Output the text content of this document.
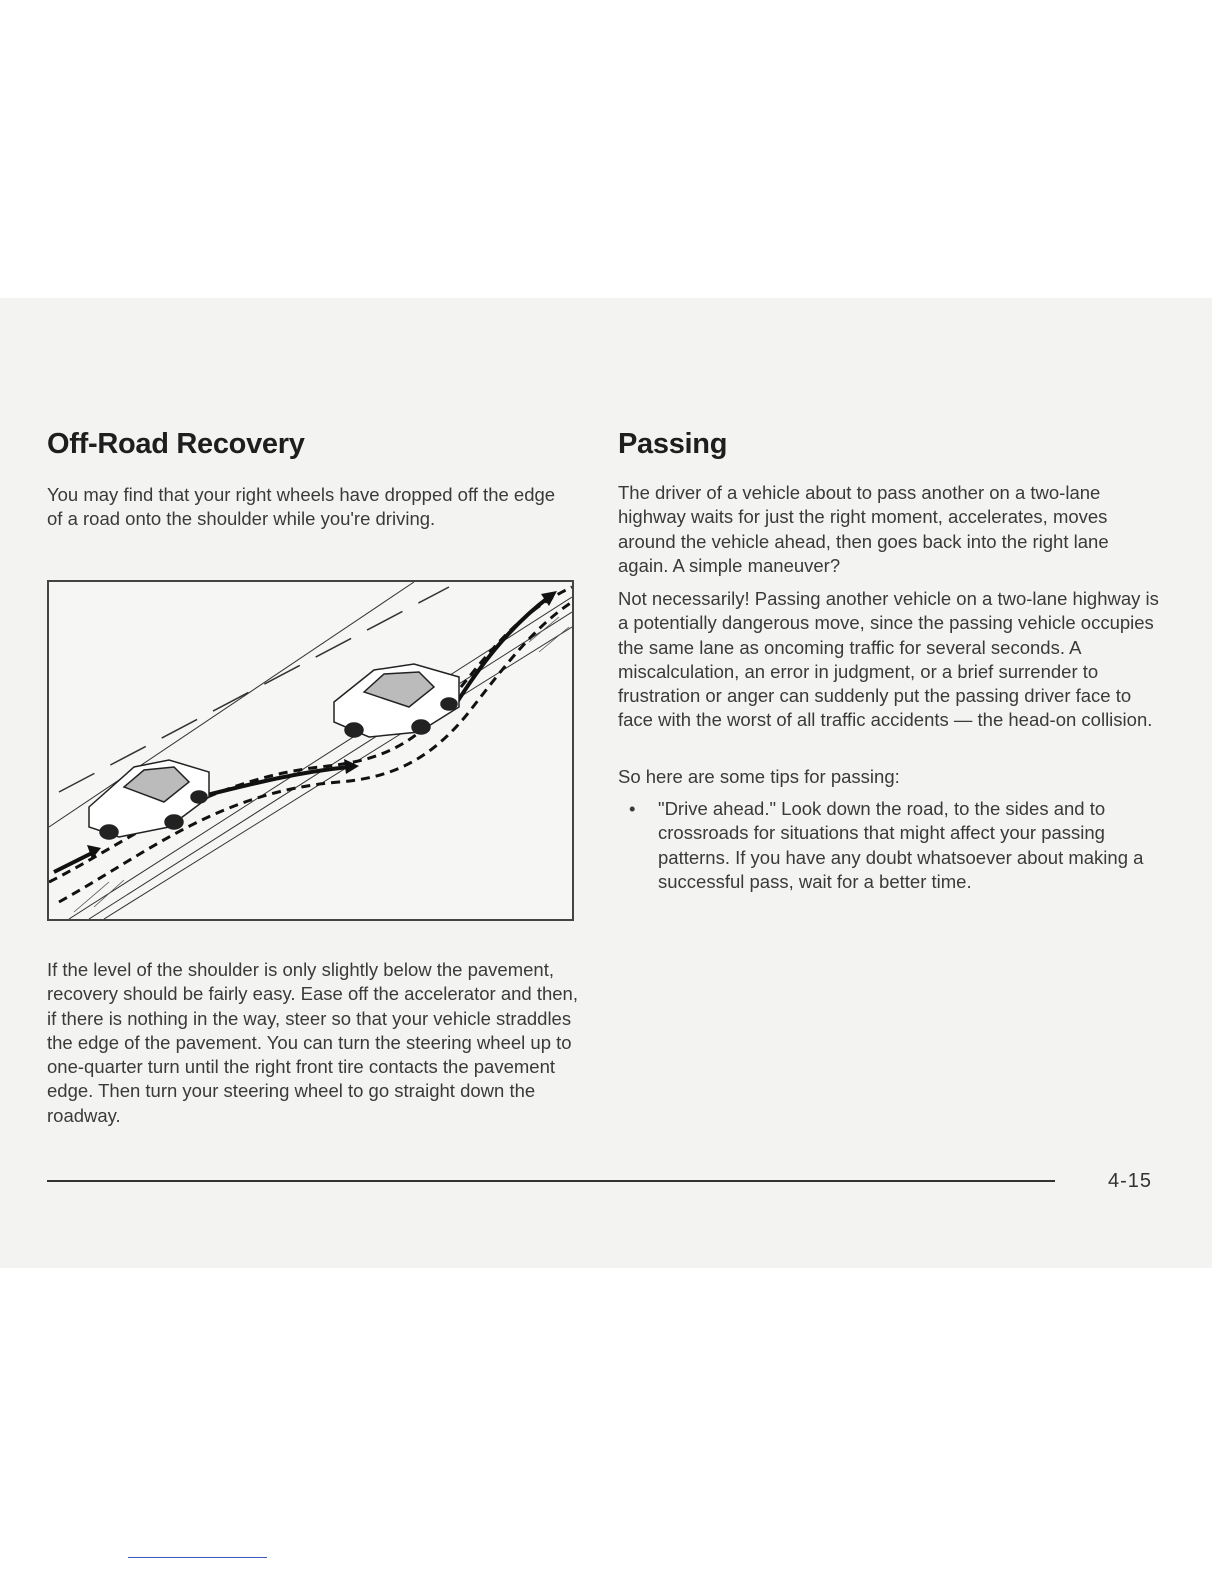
Off-Road Recovery

You may find that your right wheels have dropped off the edge of a road onto the shoulder while you're driving.

If the level of the shoulder is only slightly below the pavement, recovery should be fairly easy. Ease off the accelerator and then, if there is nothing in the way, steer so that your vehicle straddles the edge of the pavement. You can turn the steering wheel up to one-quarter turn until the right front tire contacts the pavement edge. Then turn your steering wheel to go straight down the roadway.

Passing

The driver of a vehicle about to pass another on a two-lane highway waits for just the right moment, accelerates, moves around the vehicle ahead, then goes back into the right lane again. A simple maneuver?

Not necessarily! Passing another vehicle on a two-lane highway is a potentially dangerous move, since the passing vehicle occupies the same lane as oncoming traffic for several seconds. A miscalculation, an error in judgment, or a brief surrender to frustration or anger can suddenly put the passing driver face to face with the worst of all traffic accidents — the head-on collision.

So here are some tips for passing:

• "Drive ahead." Look down the road, to the sides and to crossroads for situations that might affect your passing patterns. If you have any doubt whatsoever about making a successful pass, wait for a better time.
4-15
